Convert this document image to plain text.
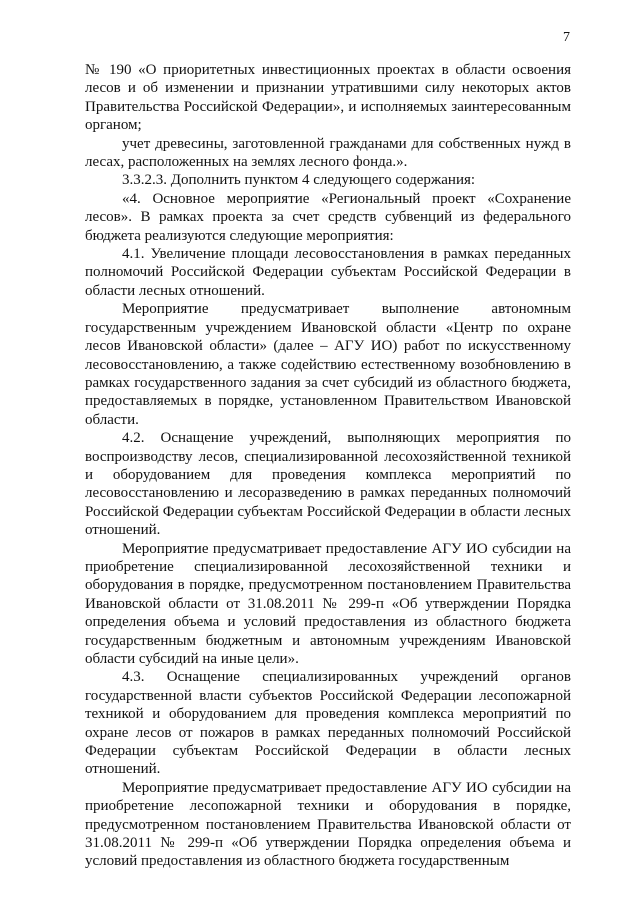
7

№ 190 «О приоритетных инвестиционных проектах в области освоения лесов и об изменении и признании утратившими силу некоторых актов Правительства Российской Федерации», и исполняемых заинтересованным органом;

учет древесины, заготовленной гражданами для собственных нужд в лесах, расположенных на землях лесного фонда.».

3.3.2.3. Дополнить пунктом 4 следующего содержания:

«4. Основное мероприятие «Региональный проект «Сохранение лесов». В рамках проекта за счет средств субвенций из федерального бюджета реализуются следующие мероприятия:

4.1. Увеличение площади лесовосстановления в рамках переданных полномочий Российской Федерации субъектам Российской Федерации в области лесных отношений.

Мероприятие предусматривает выполнение автономным государственным учреждением Ивановской области «Центр по охране лесов Ивановской области» (далее – АГУ ИО) работ по искусственному лесовосстановлению, а также содействию естественному возобновлению в рамках государственного задания за счет субсидий из областного бюджета, предоставляемых в порядке, установленном Правительством Ивановской области.

4.2. Оснащение учреждений, выполняющих мероприятия по воспроизводству лесов, специализированной лесохозяйственной техникой и оборудованием для проведения комплекса мероприятий по лесовосстановлению и лесоразведению в рамках переданных полномочий Российской Федерации субъектам Российской Федерации в области лесных отношений.

Мероприятие предусматривает предоставление АГУ ИО субсидии на приобретение специализированной лесохозяйственной техники и оборудования в порядке, предусмотренном постановлением Правительства Ивановской области от 31.08.2011 № 299-п «Об утверждении Порядка определения объема и условий предоставления из областного бюджета государственным бюджетным и автономным учреждениям Ивановской области субсидий на иные цели».

4.3. Оснащение специализированных учреждений органов государственной власти субъектов Российской Федерации лесопожарной техникой и оборудованием для проведения комплекса мероприятий по охране лесов от пожаров в рамках переданных полномочий Российской Федерации субъектам Российской Федерации в области лесных отношений.

Мероприятие предусматривает предоставление АГУ ИО субсидии на приобретение лесопожарной техники и оборудования в порядке, предусмотренном постановлением Правительства Ивановской области от 31.08.2011 № 299-п «Об утверждении Порядка определения объема и условий предоставления из областного бюджета государственным
